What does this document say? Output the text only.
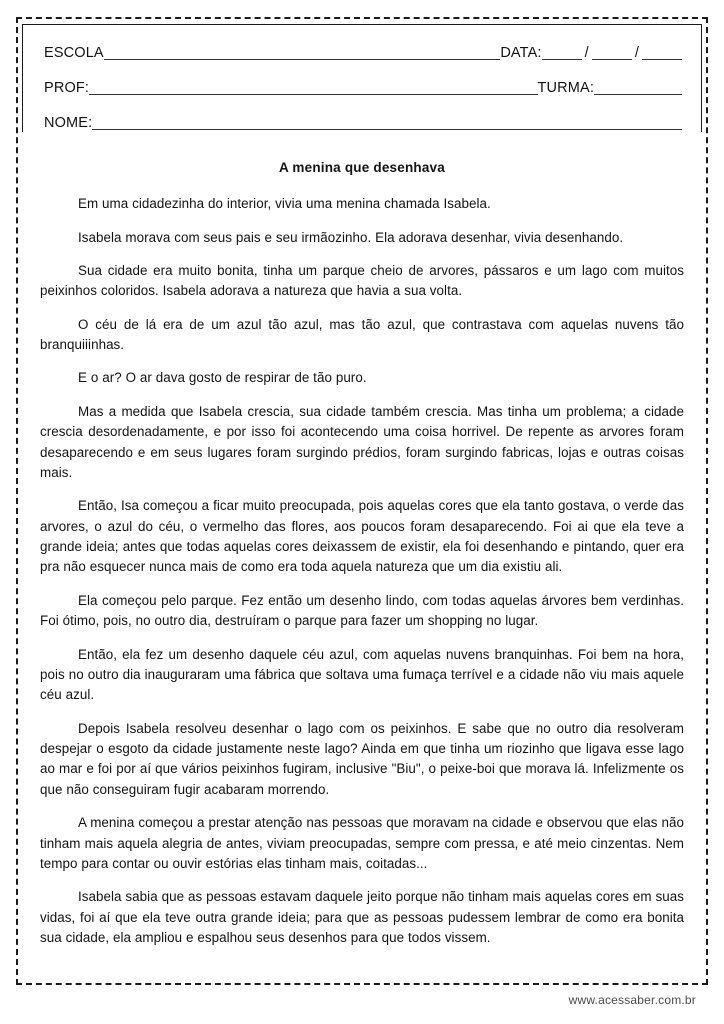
ESCOLA	DATA:	/	/
PROF:	TURMA:
NOME:
A menina que desenhava

Em uma cidadezinha do interior, vivia uma menina chamada Isabela.

Isabela morava com seus pais e seu irmãozinho. Ela adorava desenhar, vivia desenhando.

Sua cidade era muito bonita, tinha um parque cheio de arvores, pássaros e um lago com muitos peixinhos coloridos. Isabela adorava a natureza que havia a sua volta.

O céu de lá era de um azul tão azul, mas tão azul, que contrastava com aquelas nuvens tão branquiiinhas.

E o ar? O ar dava gosto de respirar de tão puro.

Mas a medida que Isabela crescia, sua cidade também crescia. Mas tinha um problema; a cidade crescia desordenadamente, e por isso foi acontecendo uma coisa horrivel. De repente as arvores foram desaparecendo e em seus lugares foram surgindo prédios, foram surgindo fabricas, lojas e outras coisas mais.

Então, Isa começou a ficar muito preocupada, pois aquelas cores que ela tanto gostava, o verde das arvores, o azul do céu, o vermelho das flores, aos poucos foram desaparecendo. Foi ai que ela teve a grande ideia; antes que todas aquelas cores deixassem de existir, ela foi desenhando e pintando, quer era pra não esquecer nunca mais de como era toda aquela natureza que um dia existiu ali.

Ela começou pelo parque. Fez então um desenho lindo, com todas aquelas árvores bem verdinhas. Foi ótimo, pois, no outro dia, destruíram o parque para fazer um shopping no lugar.

Então, ela fez um desenho daquele céu azul, com aquelas nuvens branquinhas. Foi bem na hora, pois no outro dia inauguraram uma fábrica que soltava uma fumaça terrível e a cidade não viu mais aquele céu azul.

Depois Isabela resolveu desenhar o lago com os peixinhos. E sabe que no outro dia resolveram despejar o esgoto da cidade justamente neste lago? Ainda em que tinha um riozinho que ligava esse lago ao mar e foi por aí que vários peixinhos fugiram, inclusive "Biu", o peixe-boi que morava lá. Infelizmente os que não conseguiram fugir acabaram morrendo.

A menina começou a prestar atenção nas pessoas que moravam na cidade e observou que elas não tinham mais aquela alegria de antes, viviam preocupadas, sempre com pressa, e até meio cinzentas. Nem tempo para contar ou ouvir estórias elas tinham mais, coitadas...

Isabela sabia que as pessoas estavam daquele jeito porque não tinham mais aquelas cores em suas vidas, foi aí que ela teve outra grande ideia; para que as pessoas pudessem lembrar de como era bonita sua cidade, ela ampliou e espalhou seus desenhos para que todos vissem.

www.acessaber.com.br
